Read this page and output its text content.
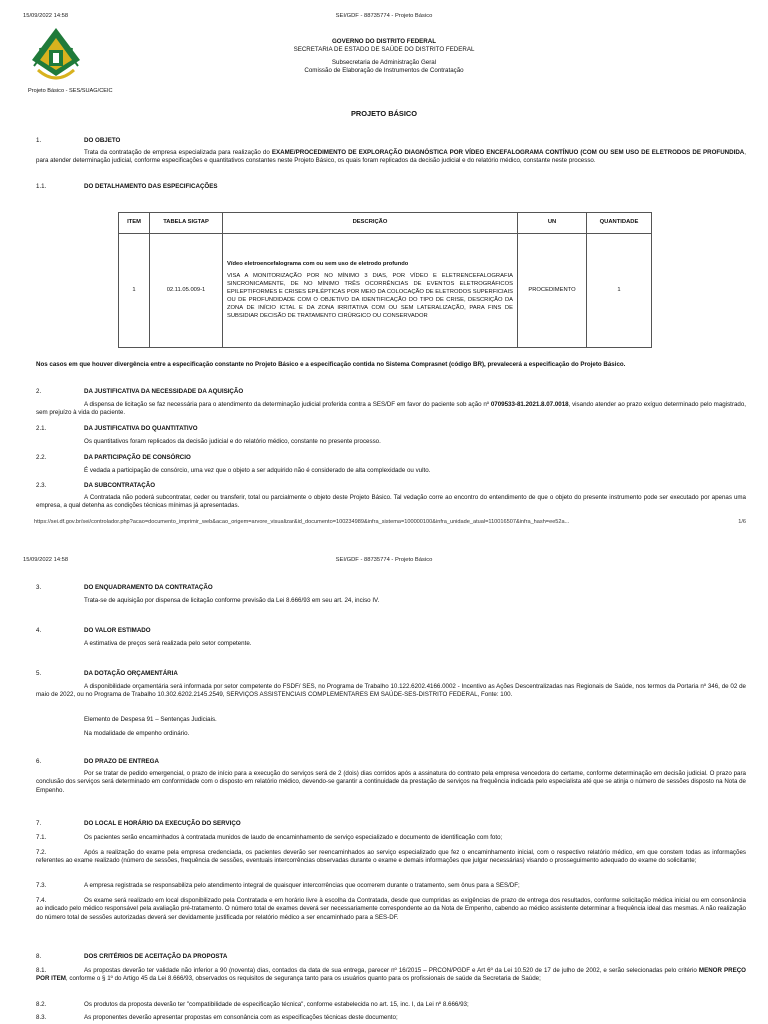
15/09/2022 14:58	SEI/GDF - 88735774 - Projeto Básico
Projeto Básico - SES/SUAG/CEIC
GOVERNO DO DISTRITO FEDERAL
SECRETARIA DE ESTADO DE SAÚDE DO DISTRITO FEDERAL
Subsecretaria de Administração Geral
Comissão de Elaboração de Instrumentos de Contratação
PROJETO BÁSICO
1.	DO OBJETO
Trata da contratação de empresa especializada para realização do EXAME/PROCEDIMENTO DE EXPLORAÇÃO DIAGNÓSTICA POR VÍDEO ENCEFALOGRAMA CONTÍNUO (COM OU SEM USO DE ELETRODOS DE PROFUNDIDA, para atender determinação judicial, conforme especificações e quantitativos constantes neste Projeto Básico, os quais foram replicados da decisão judicial e do relatório médico, constante neste processo.
1.1.	DO DETALHAMENTO DAS ESPECIFICAÇÕES
ITEM	TABELA SIGTAP	DESCRIÇÃO	UN	QUANTIDADE
1	02.11.05.009-1	Vídeo eletroencefalograma com ou sem uso de eletrodo profundo
VISA A MONITORIZAÇÃO POR NO MÍNIMO 3 DIAS, POR VÍDEO E ELETRENCEFALOGRAFIA SINCRONICAMENTE, DE NO MÍNIMO TRÊS OCORRÊNCIAS DE EVENTOS ELETROGRÁFICOS EPILEPTIFORMES E CRISES EPILÉPTICAS POR MEIO DA COLOCAÇÃO DE ELETRODOS SUPERFICIAIS OU DE PROFUNDIDADE COM O OBJETIVO DA IDENTIFICAÇÃO DO TIPO DE CRISE, DESCRIÇÃO DA ZONA DE INÍCIO ICTAL E DA ZONA IRRITATIVA COM OU SEM LATERALIZAÇÃO, PARA FINS DE SUBSIDIAR DECISÃO DE TRATAMENTO CIRÚRGICO OU CONSERVADOR	PROCEDIMENTO	1
Nos casos em que houver divergência entre a especificação constante no Projeto Básico e a especificação contida no Sistema Comprasnet (código BR), prevalecerá a especificação do Projeto Básico.
2.	DA JUSTIFICATIVA DA NECESSIDADE DA AQUISIÇÃO
A dispensa de licitação se faz necessária para o atendimento da determinação judicial proferida contra a SES/DF em favor do paciente sob ação nº 0709533-81.2021.8.07.0018, visando atender ao prazo exíguo determinado pelo magistrado, sem prejuízo à vida do paciente.
2.1.	DA JUSTIFICATIVA DO QUANTITATIVO
Os quantitativos foram replicados da decisão judicial e do relatório médico, constante no presente processo.
2.2.	DA PARTICIPAÇÃO DE CONSÓRCIO
É vedada a participação de consórcio, uma vez que o objeto a ser adquirido não é considerado de alta complexidade ou vulto.
2.3.	DA SUBCONTRATAÇÃO
A Contratada não poderá subcontratar, ceder ou transferir, total ou parcialmente o objeto deste Projeto Básico. Tal vedação corre ao encontro do entendimento de que o objeto do presente instrumento pode ser executado por apenas uma empresa, a qual detenha as condições técnicas mínimas já apresentadas.
https://sei.df.gov.br/sei/controlador.php?acao=documento_imprimir_web&acao_origem=arvore_visualizar&id_documento=100234989&infra_sistema=100000100&infra_unidade_atual=110016507&infra_hash=ee52a...	1/6
15/09/2022 14:58	SEI/GDF - 88735774 - Projeto Básico
3.	DO ENQUADRAMENTO DA CONTRATAÇÃO
Trata-se de aquisição por dispensa de licitação conforme previsão da Lei 8.666/93 em seu art. 24, inciso IV.
4.	DO VALOR ESTIMADO
A estimativa de preços será realizada pelo setor competente.
5.	DA DOTAÇÃO ORÇAMENTÁRIA
A disponibilidade orçamentária será informada por setor competente do FSDF/ SES, no Programa de Trabalho 10.122.6202.4166.0002 - Incentivo as Ações Descentralizadas nas Regionais de Saúde, nos termos da Portaria nº 346, de 02 de maio de 2022, ou no Programa de Trabalho 10.302.6202.2145.2549, SERVIÇOS ASSISTENCIAIS COMPLEMENTARES EM SAÚDE-SES-DISTRITO FEDERAL, Fonte: 100.
Elemento de Despesa 91 – Sentenças Judiciais.
Na modalidade de empenho ordinário.
6.	DO PRAZO DE ENTREGA
Por se tratar de pedido emergencial, o prazo de início para a execução do serviços será de 2 (dois) dias corridos após a assinatura do contrato pela empresa vencedora do certame, conforme determinação em decisão judicial. O prazo para conclusão dos serviços será determinado em conformidade com o disposto em relatório médico, devendo-se garantir a continuidade da prestação de serviços na frequência indicada pelo especialista até que se atinja o número de sessões disposto na Nota de Empenho.
7.	DO LOCAL E HORÁRIO DA EXECUÇÃO DO SERVIÇO
7.1.	Os pacientes serão encaminhados à contratada munidos de laudo de encaminhamento de serviço especializado e documento de identificação com foto;
7.2.	Após a realização do exame pela empresa credenciada, os pacientes deverão ser reencaminhados ao serviço especializado que fez o encaminhamento inicial, com o respectivo relatório médico, em que constem todas as informações referentes ao exame realizado (número de sessões, frequência de sessões, eventuais intercorrências observadas durante o exame e demais informações que julgar necessárias) visando o prosseguimento adequado do exame do solicitante;
7.3.	A empresa registrada se responsabiliza pelo atendimento integral de quaisquer intercorrências que ocorrerem durante o tratamento, sem ônus para a SES/DF;
7.4.	Os exame será realizado em local disponibilizado pela Contratada e em horário livre à escolha da Contratada, desde que cumpridas as exigências de prazo de entrega dos resultados, conforme solicitação médica inicial ou em consonância ao indicado pelo médico responsável pela avaliação pré-tratamento. O número total de exames deverá ser necessariamente correspondente ao da Nota de Empenho, cabendo ao médico assistente determinar a frequência ideal das mesmas. A não realização do número total de sessões autorizadas deverá ser devidamente justificada por relatório médico a ser encaminhado para a SES-DF.
8.	DOS CRITÉRIOS DE ACEITAÇÃO DA PROPOSTA
8.1.	As propostas deverão ter validade não inferior a 90 (noventa) dias, contados da data de sua entrega, parecer nº 16/2015 – PRCON/PGDF e Art 6º da Lei 10.520 de 17 de julho de 2002, e serão selecionadas pelo critério MENOR PREÇO POR ITEM, conforme o § 1º do Artigo 45 da Lei 8.666/93, observados os requisitos de segurança tanto para os usuários quanto para os profissionais de saúde da Secretaria de Saúde;
8.2.	Os produtos da proposta deverão ter "compatibilidade de especificação técnica", conforme estabelecida no art. 15, inc. I, da Lei nº 8.666/93;
8.3.	As proponentes deverão apresentar propostas em consonância com as especificações técnicas deste documento;
